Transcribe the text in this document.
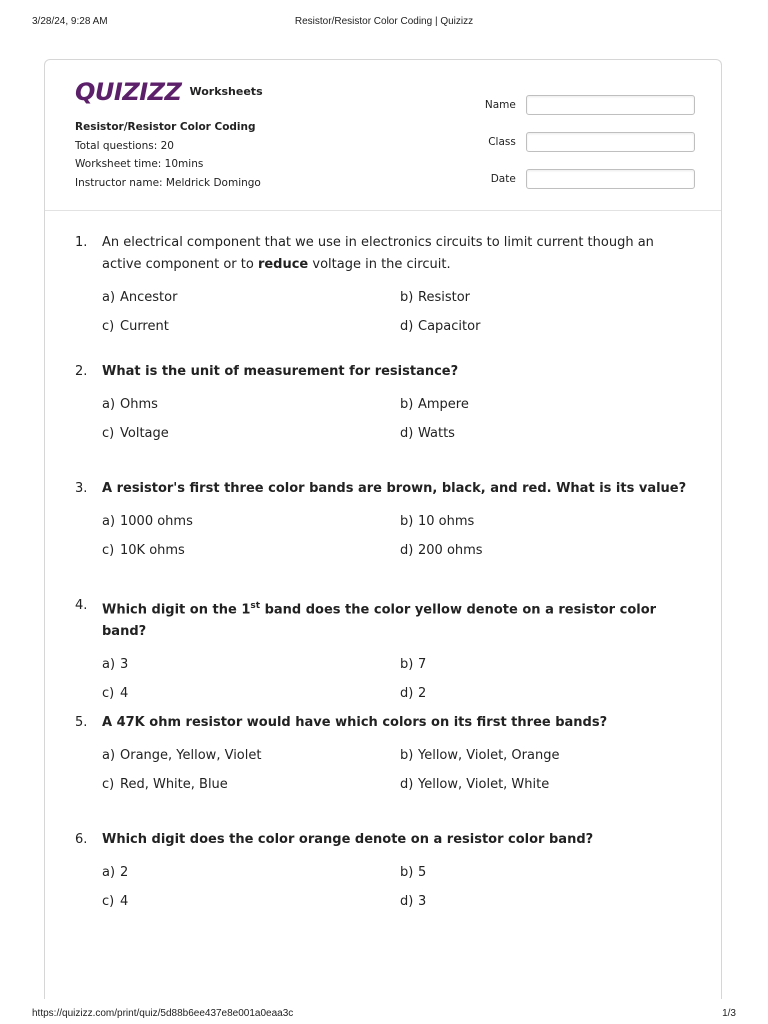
3/28/24, 9:28 AM	Resistor/Resistor Color Coding | Quizizz
QUIZIZZ Worksheets
Resistor/Resistor Color Coding
Total questions: 20
Worksheet time: 10mins
Instructor name: Meldrick Domingo
Name
Class
Date
1.	An electrical component that we use in electronics circuits to limit current though an active component or to reduce voltage in the circuit.
a) Ancestor	b) Resistor
c) Current	d) Capacitor
2.	What is the unit of measurement for resistance?
a) Ohms	b) Ampere
c) Voltage	d) Watts
3.	A resistor's first three color bands are brown, black, and red. What is its value?
a) 1000 ohms	b) 10 ohms
c) 10K ohms	d) 200 ohms
4.	Which digit on the 1st band does the color yellow denote on a resistor color band?
a) 3	b) 7
c) 4	d) 2
5.	A 47K ohm resistor would have which colors on its first three bands?
a) Orange, Yellow, Violet	b) Yellow, Violet, Orange
c) Red, White, Blue	d) Yellow, Violet, White
6.	Which digit does the color orange denote on a resistor color band?
a) 2	b) 5
c) 4	d) 3
https://quizizz.com/print/quiz/5d88b6ee437e8e001a0eaa3c	1/3
